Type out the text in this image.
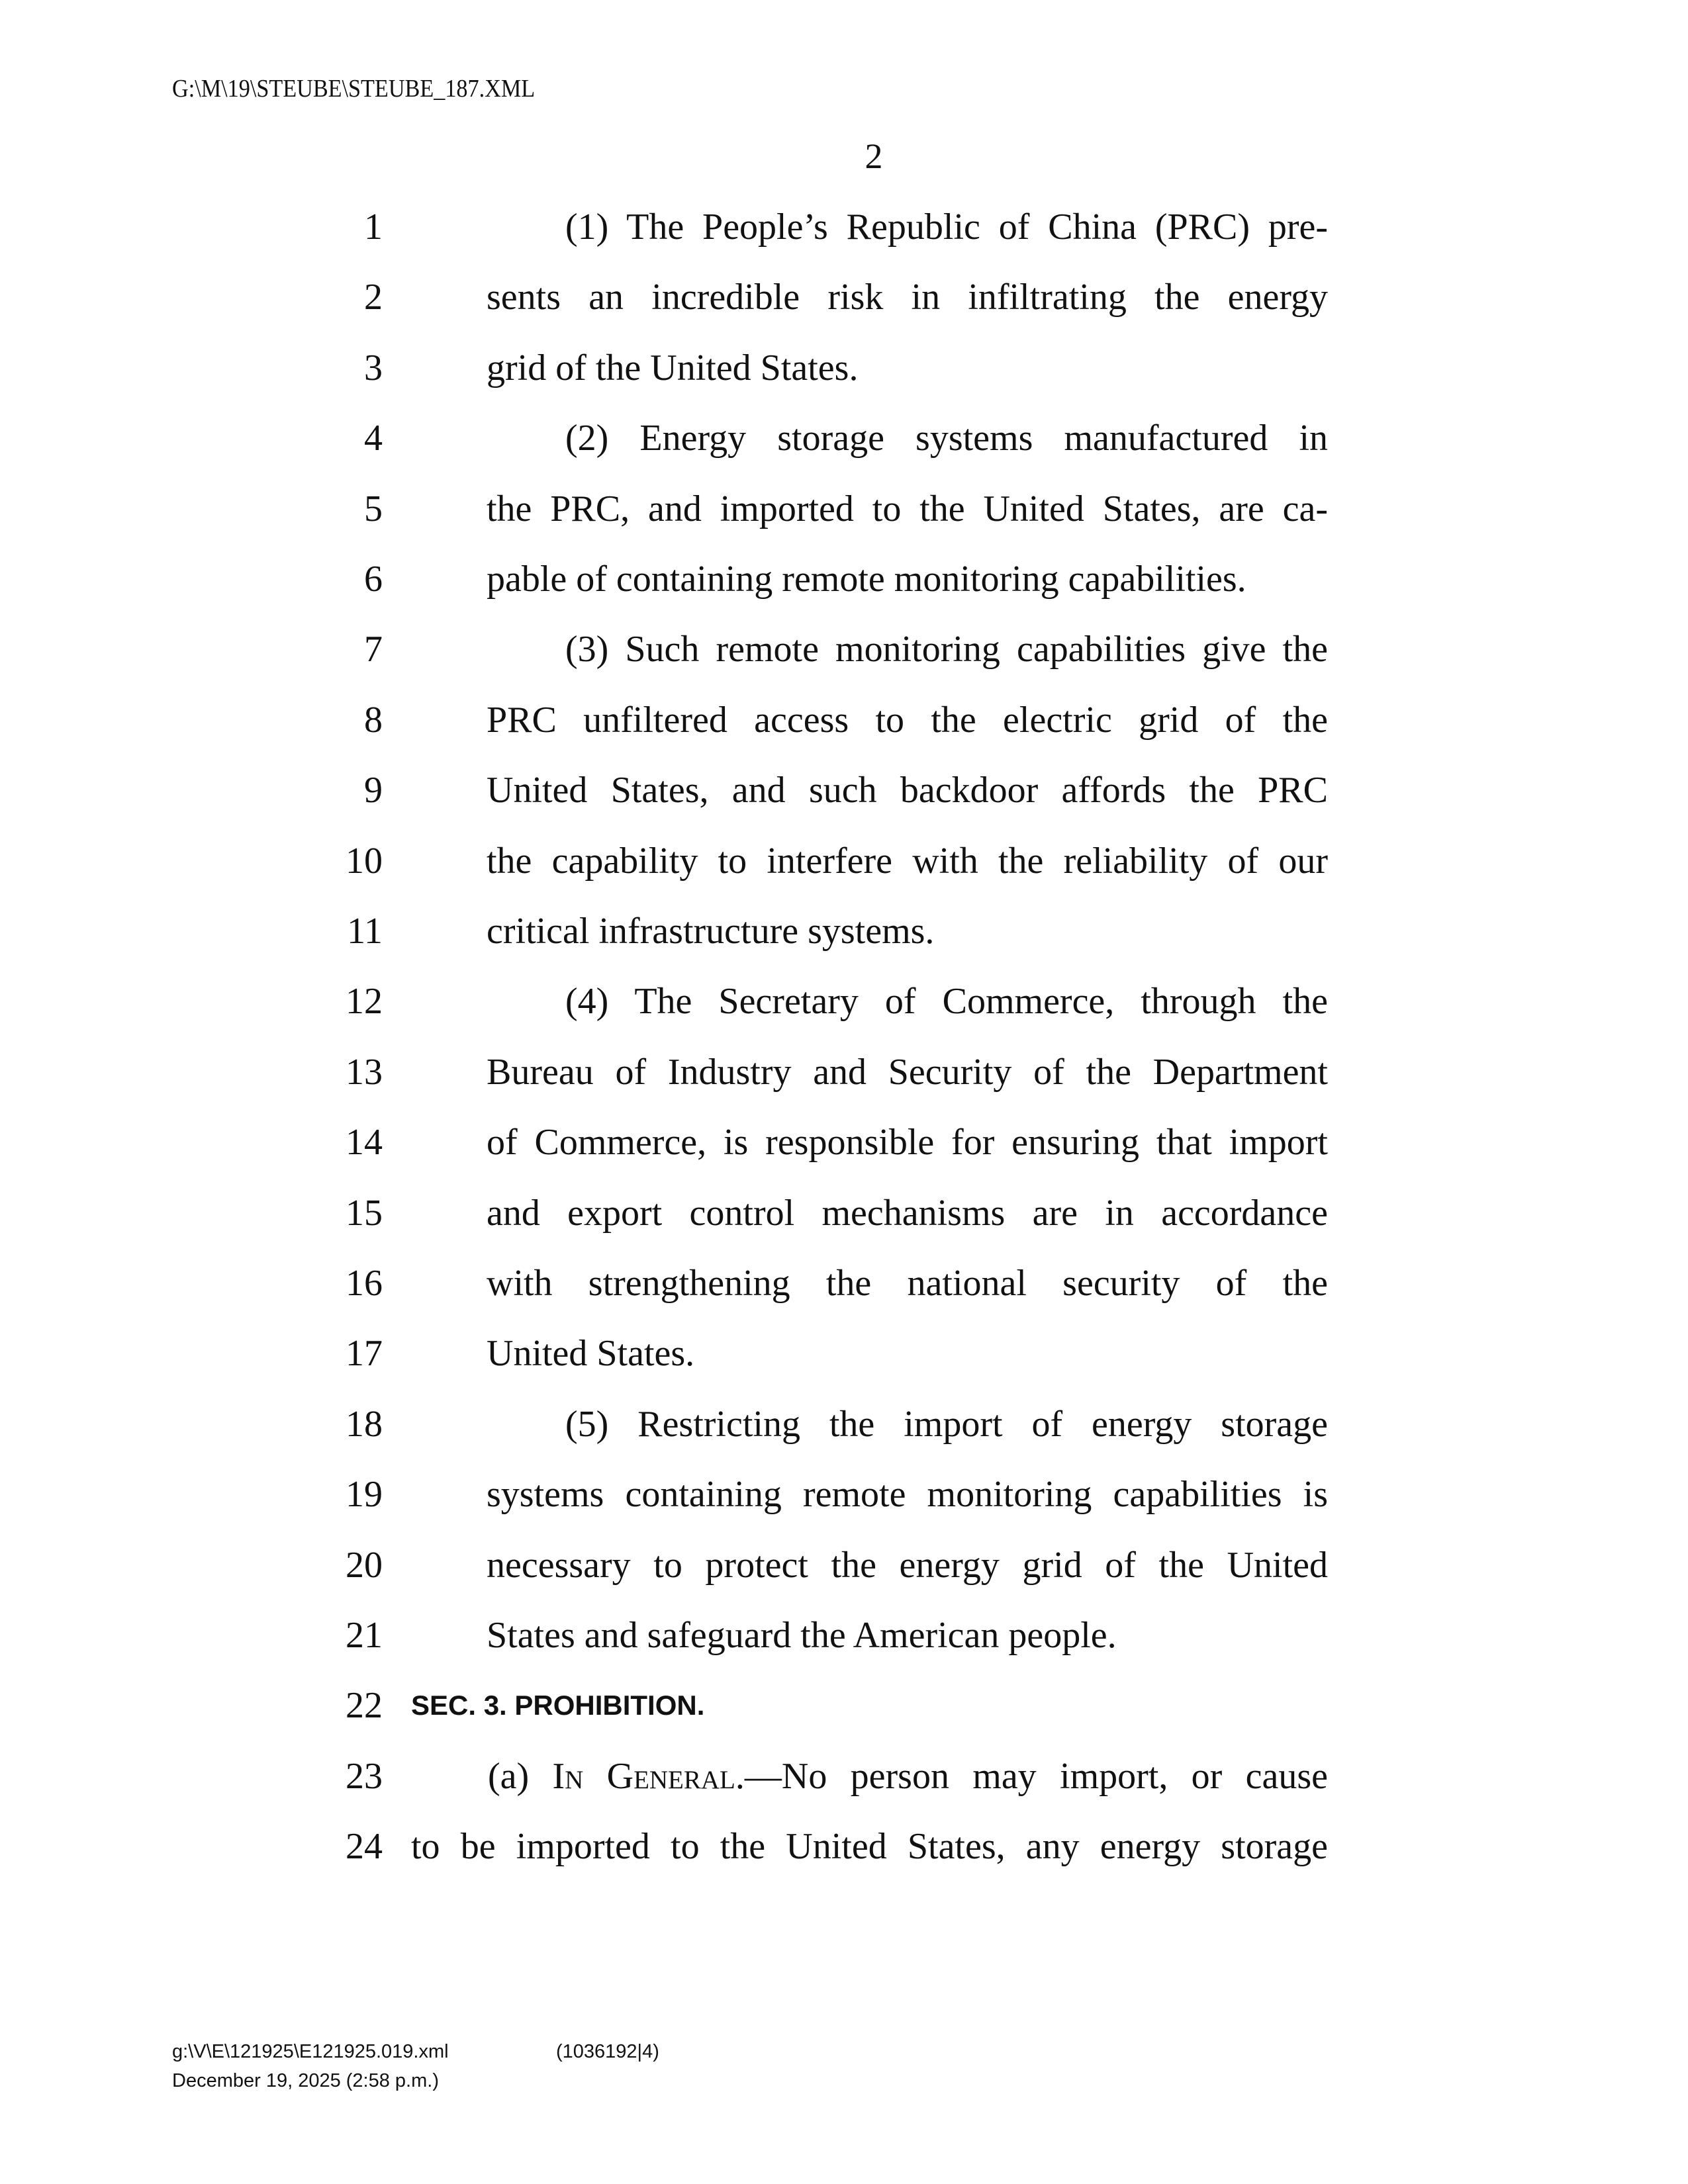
G:\M\19\STEUBE\STEUBE_187.XML
2
1	(1) The People’s Republic of China (PRC) pre-
2	sents an incredible risk in infiltrating the energy
3	grid of the United States.
4	(2) Energy storage systems manufactured in
5	the PRC, and imported to the United States, are ca-
6	pable of containing remote monitoring capabilities.
7	(3) Such remote monitoring capabilities give the
8	PRC unfiltered access to the electric grid of the
9	United States, and such backdoor affords the PRC
10	the capability to interfere with the reliability of our
11	critical infrastructure systems.
12	(4) The Secretary of Commerce, through the
13	Bureau of Industry and Security of the Department
14	of Commerce, is responsible for ensuring that import
15	and export control mechanisms are in accordance
16	with strengthening the national security of the
17	United States.
18	(5) Restricting the import of energy storage
19	systems containing remote monitoring capabilities is
20	necessary to protect the energy grid of the United
21	States and safeguard the American people.
22 SEC. 3. PROHIBITION.
23	(a) In General.—No person may import, or cause
24 to be imported to the United States, any energy storage
g:\V\E\121925\E121925.019.xml	(1036192|4)
December 19, 2025 (2:58 p.m.)
